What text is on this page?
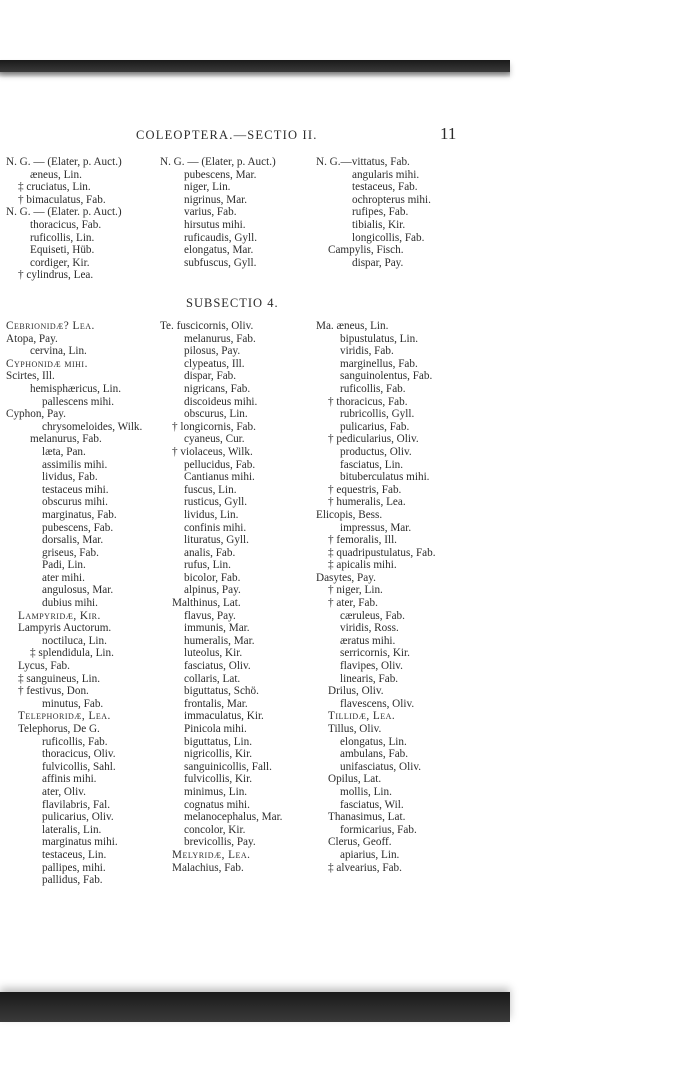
COLEOPTERA.—SECTIO II.	11
N. G. — (Elater, p. Auct.)
æneus, Lin.
‡ cruciatus, Lin.
† bimaculatus, Fab.
N. G. — (Elater. p. Auct.)
thoracicus, Fab.
ruficollis, Lin.
Equiseti, Hüb.
cordiger, Kir.
† cylindrus, Lea.
N. G. — (Elater, p. Auct.)
pubescens, Mar.
niger, Lin.
nigrinus, Mar.
varius, Fab.
hirsutus mihi.
ruficaudis, Gyll.
elongatus, Mar.
subfuscus, Gyll.
N. G.—vittatus, Fab.
angularis mihi.
testaceus, Fab.
ochropterus mihi.
rufipes, Fab.
tibialis, Kir.
longicollis, Fab.
Campylis, Fisch.
dispar, Pay.
SUBSECTIO 4.
Cebrionidæ? Lea.
Atopa, Pay.
cervina, Lin.
Cyphonidæ mihi.
Scirtes, Ill.
hemisphæricus, Lin.
pallescens mihi.
Cyphon, Pay.
chrysomeloides, Wilk.
melanurus, Fab.
læta, Pan.
assimilis mihi.
lividus, Fab.
testaceus mihi.
obscurus mihi.
marginatus, Fab.
pubescens, Fab.
dorsalis, Mar.
griseus, Fab.
Padi, Lin.
ater mihi.
angulosus, Mar.
dubius mihi.
Lampyridæ, Kir.
Lampyris Auctorum.
noctiluca, Lin.
‡ splendidula, Lin.
Lycus, Fab.
‡ sanguineus, Lin.
† festivus, Don.
minutus, Fab.
Telephoridæ, Lea.
Telephorus, De G.
ruficollis, Fab.
thoracicus, Oliv.
fulvicollis, Sahl.
affinis mihi.
ater, Oliv.
flavilabris, Fal.
pulicarius, Oliv.
lateralis, Lin.
marginatus mihi.
testaceus, Lin.
pallipes, mihi.
pallidus, Fab.
Te. fuscicornis, Oliv.
melanurus, Fab.
pilosus, Pay.
clypeatus, Ill.
dispar, Fab.
nigricans, Fab.
discoideus mihi.
obscurus, Lin.
† longicornis, Fab.
cyaneus, Cur.
† violaceus, Wilk.
pellucidus, Fab.
Cantianus mihi.
fuscus, Lin.
rusticus, Gyll.
lividus, Lin.
confinis mihi.
lituratus, Gyll.
analis, Fab.
rufus, Lin.
bicolor, Fab.
alpinus, Pay.
Malthinus, Lat.
flavus, Pay.
immunis, Mar.
humeralis, Mar.
luteolus, Kir.
fasciatus, Oliv.
collaris, Lat.
biguttatus, Schö.
frontalis, Mar.
immaculatus, Kir.
Pinicola mihi.
biguttatus, Lin.
nigricollis, Kir.
sanguinicollis, Fall.
fulvicollis, Kir.
minimus, Lin.
cognatus mihi.
melanocephalus, Mar.
concolor, Kir.
brevicollis, Pay.
Melyridæ, Lea.
Malachius, Fab.
Ma. æneus, Lin.
bipustulatus, Lin.
viridis, Fab.
marginellus, Fab.
sanguinolentus, Fab.
ruficollis, Fab.
† thoracicus, Fab.
rubricollis, Gyll.
pulicarius, Fab.
† pedicularius, Oliv.
productus, Oliv.
fasciatus, Lin.
bituberculatus mihi.
† equestris, Fab.
† humeralis, Lea.
Elicopis, Bess.
impressus, Mar.
† femoralis, Ill.
‡ quadripustulatus, Fab.
‡ apicalis mihi.
Dasytes, Pay.
† niger, Lin.
† ater, Fab.
cæruleus, Fab.
viridis, Ross.
æratus mihi.
serricornis, Kir.
flavipes, Oliv.
linearis, Fab.
Drilus, Oliv.
flavescens, Oliv.
Tillidæ, Lea.
Tillus, Oliv.
elongatus, Lin.
ambulans, Fab.
unifasciatus, Oliv.
Opilus, Lat.
mollis, Lin.
fasciatus, Wil.
Thanasimus, Lat.
formicarius, Fab.
Clerus, Geoff.
apiarius, Lin.
‡ alvearius, Fab.
